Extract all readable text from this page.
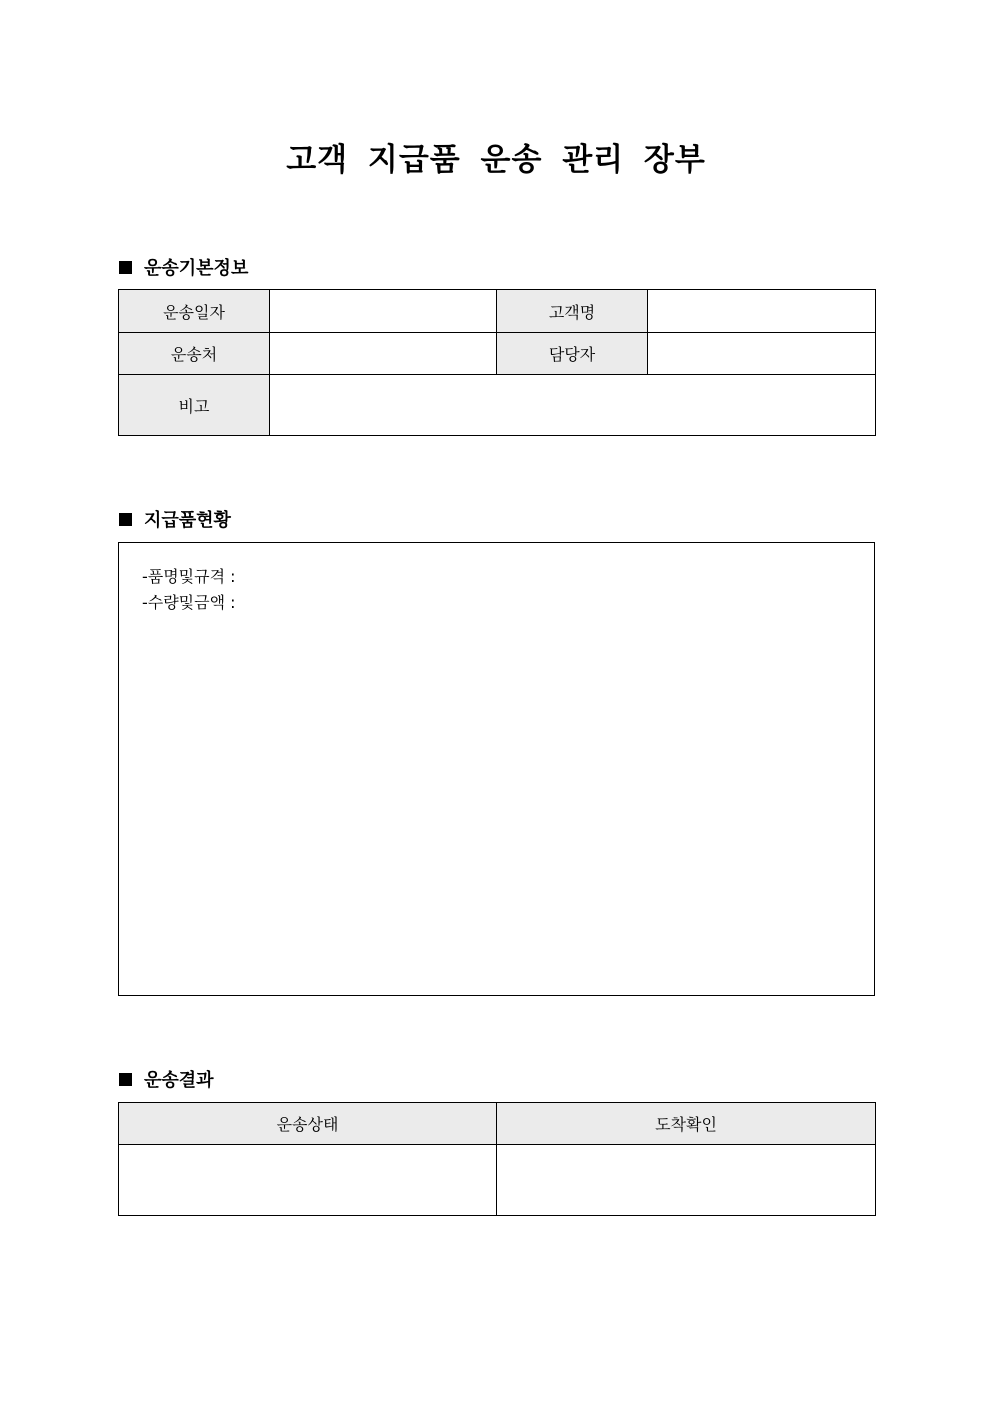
고객 지급품 운송 관리 장부
운송기본정보
운송일자		고객명	
운송처		담당자	
비고			
지급품현황
-품명및규격 :
-수량및금액 :
운송결과
운송상태	도착확인
